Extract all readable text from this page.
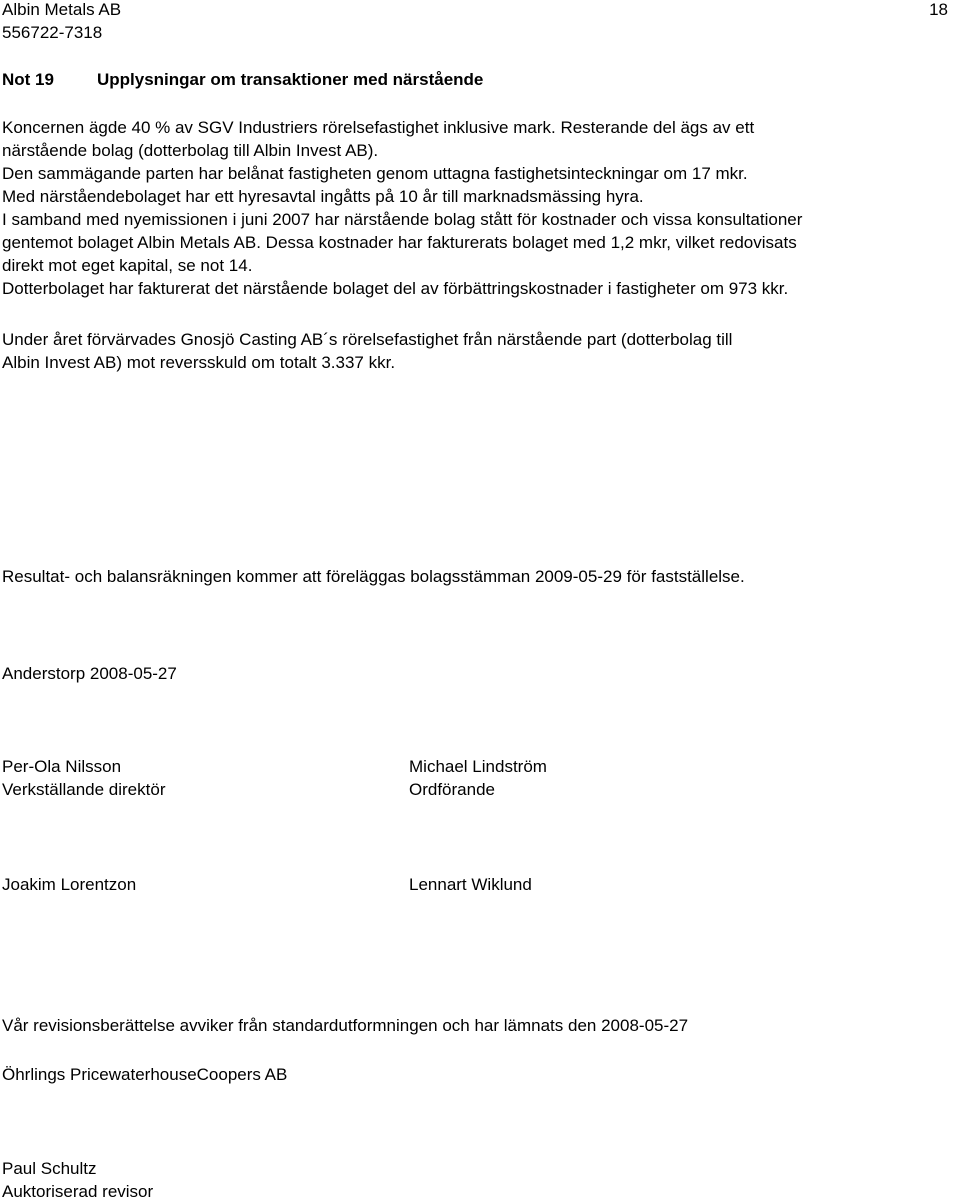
Albin Metals AB
556722-7318
18
Not 19	Upplysningar om transaktioner med närstående
Koncernen ägde 40 % av SGV Industriers rörelsefastighet inklusive mark. Resterande del ägs av ett
närstående bolag (dotterbolag till Albin Invest AB).
Den sammägande parten har belånat fastigheten genom uttagna fastighetsinteckningar om 17 mkr.
Med närståendebolaget har ett hyresavtal ingåtts på 10 år till marknadsmässing hyra.
I samband med nyemissionen i juni 2007 har närstående bolag stått för kostnader och vissa konsultationer
gentemot bolaget Albin Metals AB. Dessa kostnader har fakturerats bolaget med 1,2 mkr, vilket redovisats
direkt mot eget kapital, se not 14.
Dotterbolaget har fakturerat det närstående bolaget del av förbättringskostnader i fastigheter om 973 kkr.
Under året förvärvades Gnosjö Casting AB´s rörelsefastighet från närstående part (dotterbolag till
Albin Invest AB) mot reversskuld om totalt 3.337 kkr.
Resultat- och balansräkningen kommer att föreläggas bolagsstämman 2009-05-29 för fastställelse.
Anderstorp 2008-05-27
Per-Ola Nilsson
Verkställande direktör
Michael Lindström
Ordförande
Joakim Lorentzon	Lennart Wiklund
Vår revisionsberättelse avviker från standardutformningen och har lämnats den 2008-05-27
Öhrlings PricewaterhouseCoopers AB
Paul Schultz
Auktoriserad revisor
